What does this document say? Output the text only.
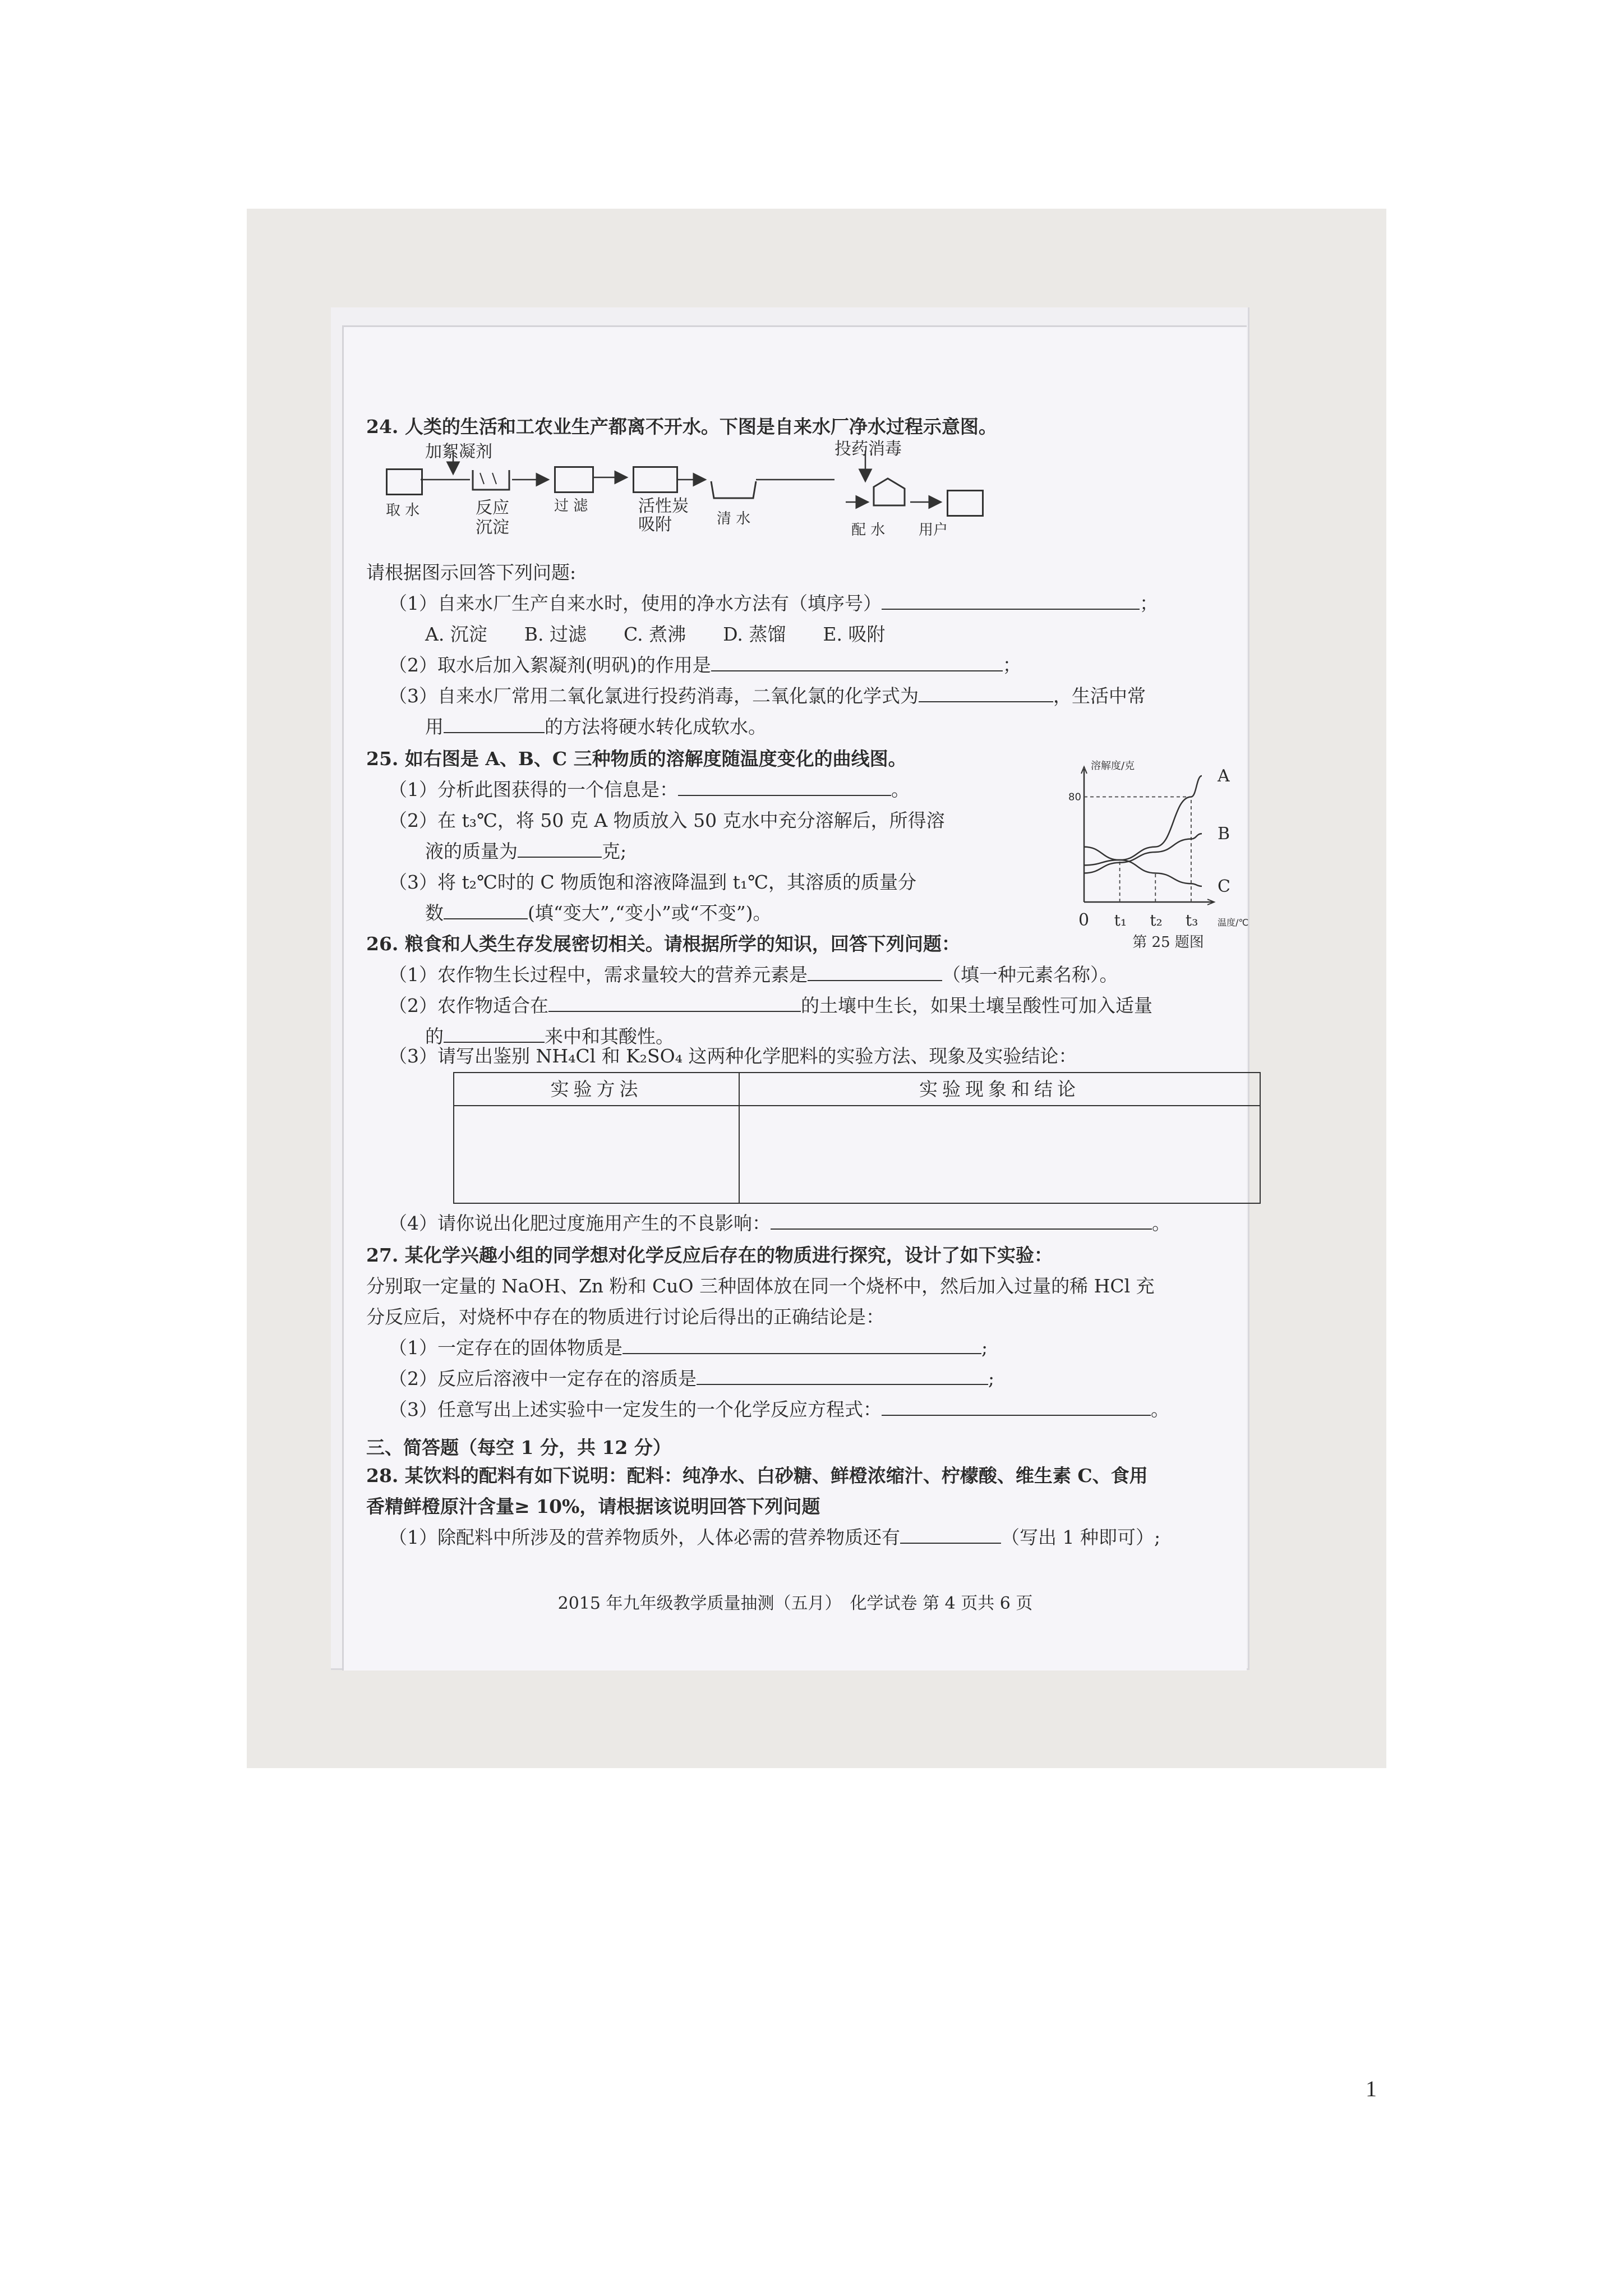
24. 人类的生活和工农业生产都离不开水。下图是自来水厂净水过程示意图。
加絮凝剂	投药消毒
取 水	反应
沉淀
过 滤	活性炭
吸附	清 水
配 水 用户
请根据图示回答下列问题:
（1）自来水厂生产自来水时，使用的净水方法有（填序号）	；
A. 沉淀　　B. 过滤　　C. 煮沸　　D. 蒸馏　　E. 吸附
（2）取水后加入絮凝剂(明矾)的作用是	；
（3）自来水厂常用二氧化氯进行投药消毒，二氧化氯的化学式为	，生活中常
用	的方法将硬水转化成软水。
25. 如右图是 A、B、C 三种物质的溶解度随温度变化的曲线图。
（1）分析此图获得的一个信息是：	。
（2）在 t₃℃，将 50 克 A 物质放入 50 克水中充分溶解后，所得溶
液的质量为	克;
（3）将 t₂℃时的 C 物质饱和溶液降温到 t₁℃，其溶质的质量分
数	(填“变大”,“变小”或“不变”)。
A
B
C
溶解度/克
温度/℃
80
0 t₁ t₂ t₃
第 25 题图
26. 粮食和人类生存发展密切相关。请根据所学的知识，回答下列问题：
（1）农作物生长过程中，需求量较大的营养元素是	（填一种元素名称）。
（2）农作物适合在	的土壤中生长，如果土壤呈酸性可加入适量
的	来中和其酸性。
（3）请写出鉴别 NH₄Cl 和 K₂SO₄ 这两种化学肥料的实验方法、现象及实验结论：
实验方法	实验现象和结论

（4）请你说出化肥过度施用产生的不良影响：	。
27. 某化学兴趣小组的同学想对化学反应后存在的物质进行探究，设计了如下实验：
分别取一定量的 NaOH、Zn 粉和 CuO 三种固体放在同一个烧杯中，然后加入过量的稀 HCl 充
分反应后，对烧杯中存在的物质进行讨论后得出的正确结论是：
（1）一定存在的固体物质是	;
（2）反应后溶液中一定存在的溶质是	;
（3）任意写出上述实验中一定发生的一个化学反应方程式：	。
三、简答题（每空 1 分，共 12 分）
28. 某饮料的配料有如下说明：配料：纯净水、白砂糖、鲜橙浓缩汁、柠檬酸、维生素 C、食用
香精鲜橙原汁含量≥ 10%，请根据该说明回答下列问题
（1）除配料中所涉及的营养物质外，人体必需的营养物质还有	（写出 1 种即可）;
2015 年九年级教学质量抽测（五月）　化学试卷 第 4 页共 6 页
1
